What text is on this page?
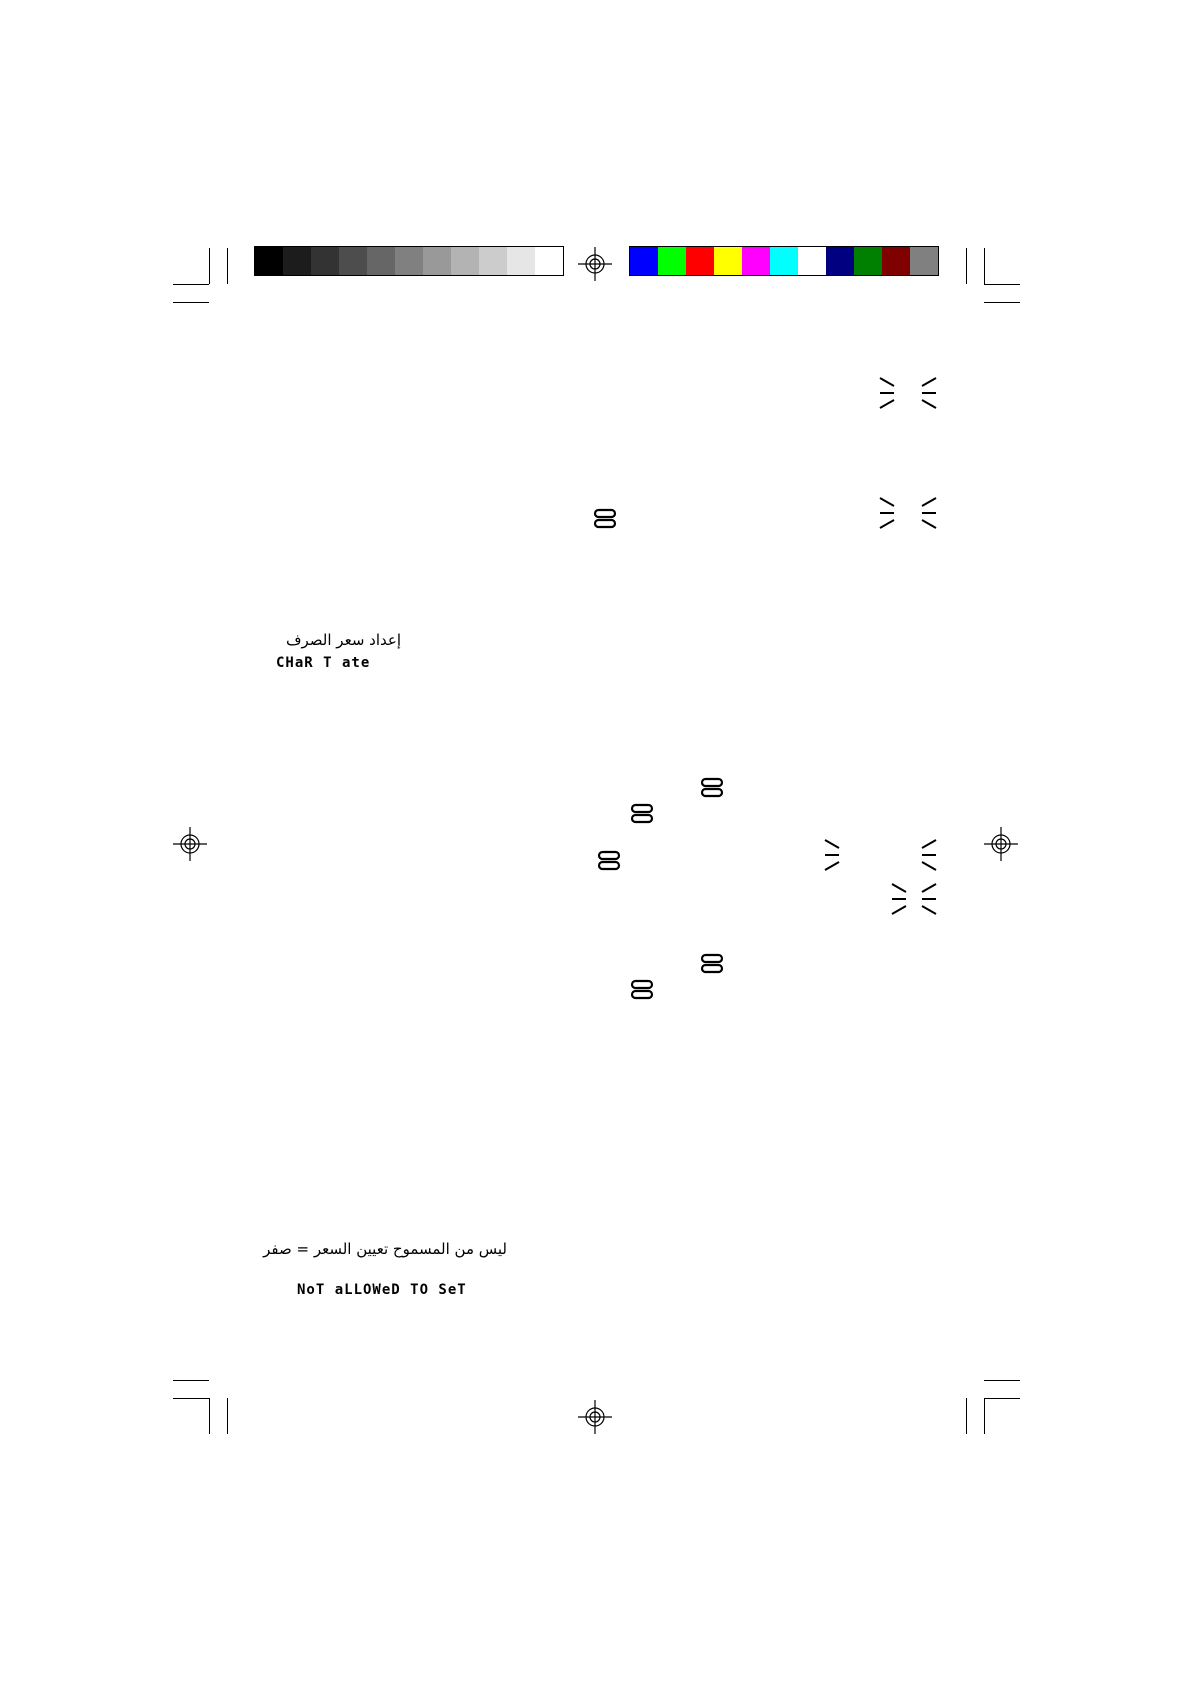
إعداد سعر الصرف
CHaR T ate
ليس من المسموح تعيين السعر = صفر
NoT aLLOWeD TO SeT
